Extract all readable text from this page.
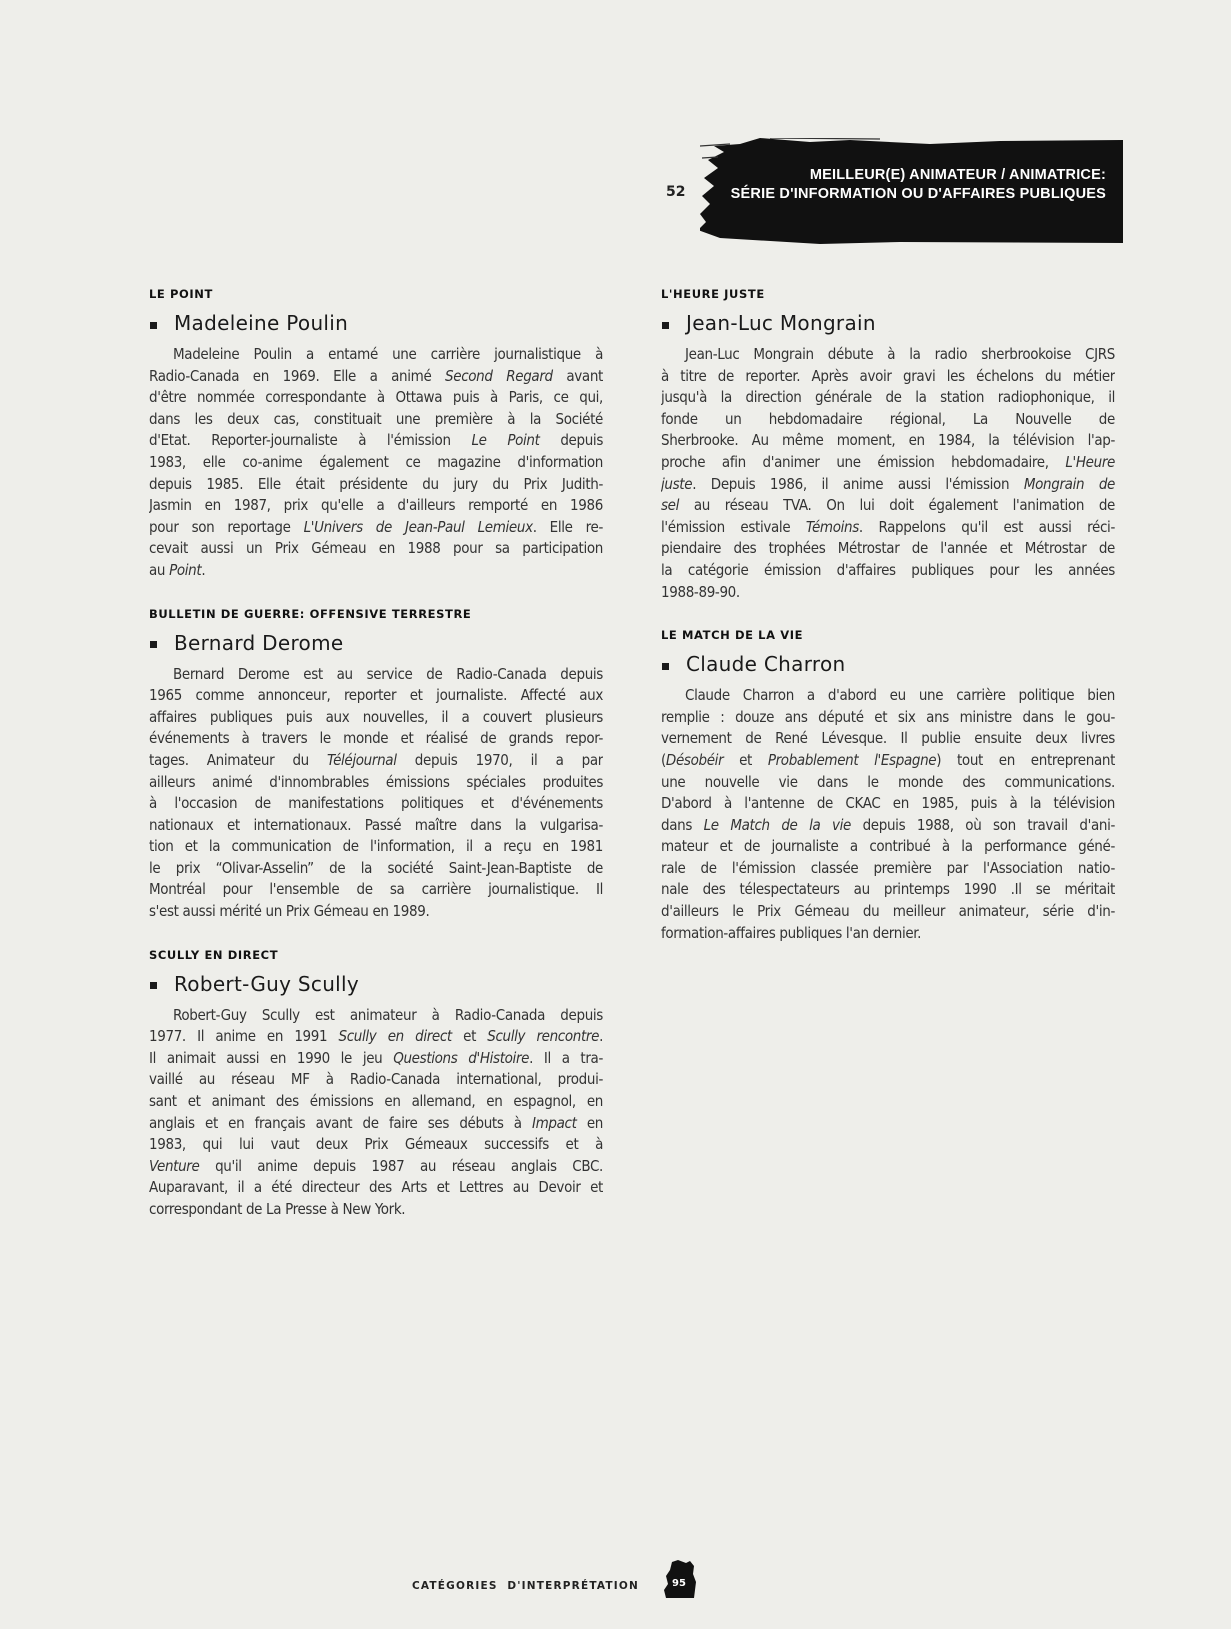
52
MEILLEUR(E) ANIMATEUR / ANIMATRICE:
SÉRIE D'INFORMATION OU D'AFFAIRES PUBLIQUES
LE POINT
Madeleine Poulin
Madeleine Poulin a entamé une carrière journalistique à
Radio-Canada en 1969. Elle a animé Second Regard avant
d'être nommée correspondante à Ottawa puis à Paris, ce qui,
dans les deux cas, constituait une première à la Société
d'Etat. Reporter-journaliste à l'émission Le Point depuis
1983, elle co-anime également ce magazine d'information
depuis 1985. Elle était présidente du jury du Prix Judith-
Jasmin en 1987, prix qu'elle a d'ailleurs remporté en 1986
pour son reportage L'Univers de Jean-Paul Lemieux. Elle re-
cevait aussi un Prix Gémeau en 1988 pour sa participation
au Point.
BULLETIN DE GUERRE: OFFENSIVE TERRESTRE
Bernard Derome
Bernard Derome est au service de Radio-Canada depuis
1965 comme annonceur, reporter et journaliste. Affecté aux
affaires publiques puis aux nouvelles, il a couvert plusieurs
événements à travers le monde et réalisé de grands repor-
tages. Animateur du Téléjournal depuis 1970, il a par
ailleurs animé d'innombrables émissions spéciales produites
à l'occasion de manifestations politiques et d'événements
nationaux et internationaux. Passé maître dans la vulgarisa-
tion et la communication de l'information, il a reçu en 1981
le prix “Olivar-Asselin” de la société Saint-Jean-Baptiste de
Montréal pour l'ensemble de sa carrière journalistique. Il
s'est aussi mérité un Prix Gémeau en 1989.
SCULLY EN DIRECT
Robert-Guy Scully
Robert-Guy Scully est animateur à Radio-Canada depuis
1977. Il anime en 1991 Scully en direct et Scully rencontre.
Il animait aussi en 1990 le jeu Questions d'Histoire. Il a tra-
vaillé au réseau MF à Radio-Canada international, produi-
sant et animant des émissions en allemand, en espagnol, en
anglais et en français avant de faire ses débuts à Impact en
1983, qui lui vaut deux Prix Gémeaux successifs et à
Venture qu'il anime depuis 1987 au réseau anglais CBC.
Auparavant, il a été directeur des Arts et Lettres au Devoir et
correspondant de La Presse à New York.
L'HEURE JUSTE
Jean-Luc Mongrain
Jean-Luc Mongrain débute à la radio sherbrookoise CJRS
à titre de reporter. Après avoir gravi les échelons du métier
jusqu'à la direction générale de la station radiophonique, il
fonde un hebdomadaire régional, La Nouvelle de
Sherbrooke. Au même moment, en 1984, la télévision l'ap-
proche afin d'animer une émission hebdomadaire, L'Heure
juste. Depuis 1986, il anime aussi l'émission Mongrain de
sel au réseau TVA. On lui doit également l'animation de
l'émission estivale Témoins. Rappelons qu'il est aussi réci-
piendaire des trophées Métrostar de l'année et Métrostar de
la catégorie émission d'affaires publiques pour les années
1988-89-90.
LE MATCH DE LA VIE
Claude Charron
Claude Charron a d'abord eu une carrière politique bien
remplie : douze ans député et six ans ministre dans le gou-
vernement de René Lévesque. Il publie ensuite deux livres
(Désobéir et Probablement l'Espagne) tout en entreprenant
une nouvelle vie dans le monde des communications.
D'abord à l'antenne de CKAC en 1985, puis à la télévision
dans Le Match de la vie depuis 1988, où son travail d'ani-
mateur et de journaliste a contribué à la performance géné-
rale de l'émission classée première par l'Association natio-
nale des télespectateurs au printemps 1990 .Il se méritait
d'ailleurs le Prix Gémeau du meilleur animateur, série d'in-
formation-affaires publiques l'an dernier.
CATÉGORIES  D'INTERPRÉTATION	95
